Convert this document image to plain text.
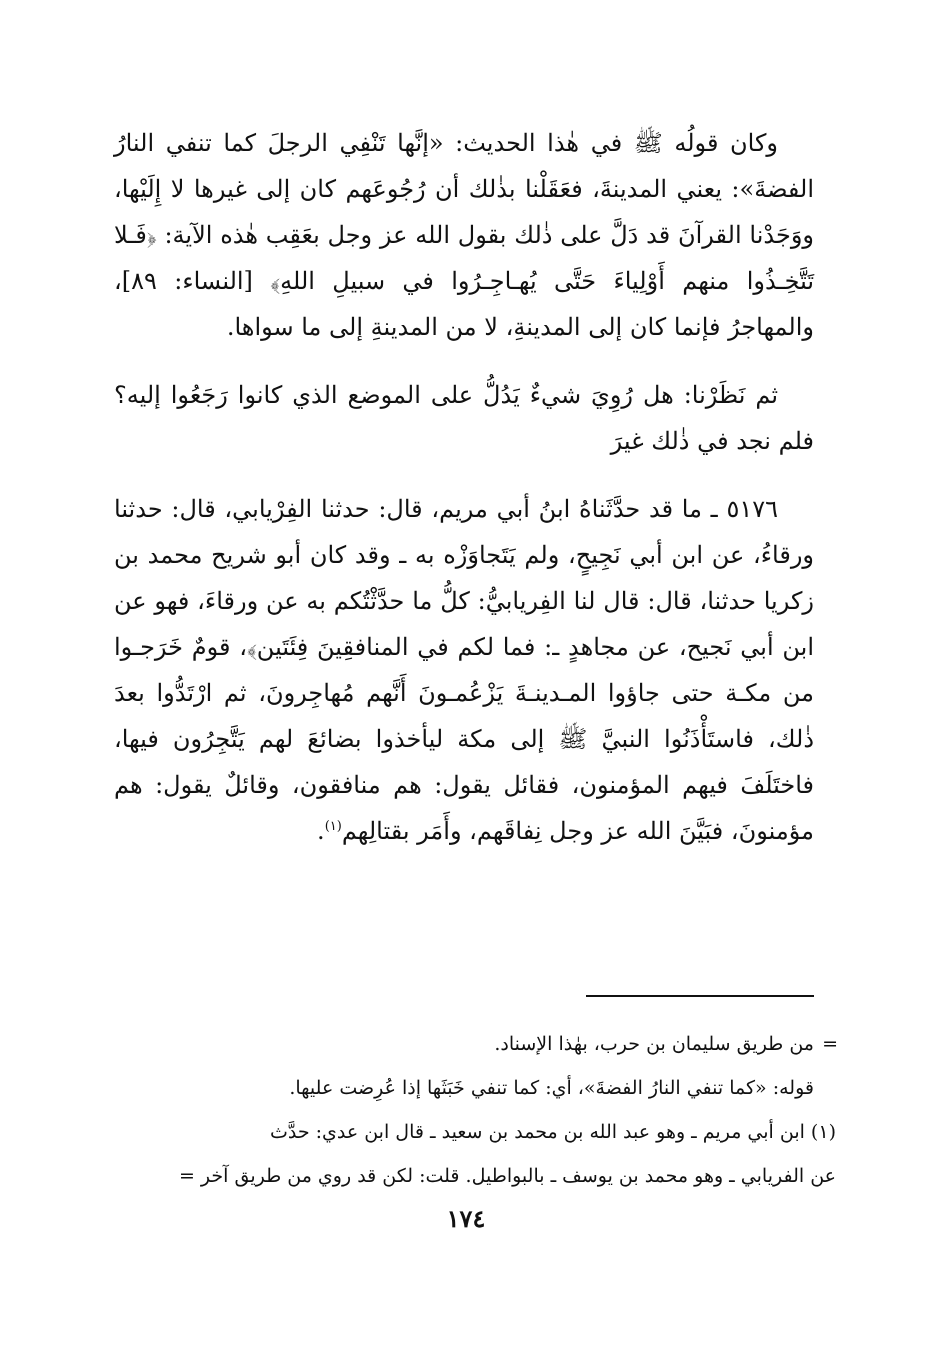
وكان قولُه ﷺ في هٰذا الحديث: «إنَّها تَنْفِي الرجلَ كما تنفي النارُ الفضةَ»: يعني المدينةَ، فعَقَلْنا بذٰلك أن رُجُوعَهم كان إلى غيرها لا إِلَيْها، ووَجَدْنا القرآنَ قد دَلَّ على ذٰلك بقول الله عز وجل بعَقِب هٰذه الآية: ﴿فَـلا تَتَّخِـذُوا منهم أَوْلِياءَ حَتَّى يُهـاجِـرُوا في سبيلِ اللهِ﴾ [النساء: ٨٩]، والمهاجرُ فإنما كان إلى المدينةِ، لا من المدينةِ إلى ما سواها.

ثم نَظَرْنا: هل رُوِيَ شيءٌ يَدُلُّ على الموضع الذي كانوا رَجَعُوا إليه؟ فلم نجد في ذٰلك غيرَ

٥١٧٦ ـ ما قد حدَّثَناهُ ابنُ أبي مريم، قال: حدثنا الفِرْيابي، قال: حدثنا ورقاءُ، عن ابن أبي نَجِيحٍ، ولم يَتَجاوَزْه به ـ وقد كان أبو شريح محمد بن زكريا حدثنا، قال: قال لنا الفِريابيُّ: كلُّ ما حدَّثْتُكم به عن ورقاءَ، فهو عن ابن أبي نَجيح، عن مجاهدٍ ـ: فما لكم في المنافقِينَ فِئَتَين﴾، قومٌ خَرَجـوا من مكـة حتى جاؤوا المـدينـةَ يَزْعُمـونَ أَنَّهم مُهاجِرونَ، ثم ارْتَدُّوا بعدَ ذٰلك، فاستَأْذَنُوا النبيَّ ﷺ إلى مكة ليأخذوا بضائعَ لهم يَتَّجِرُون فيها، فاختَلَفَ فيهم المؤمنون، فقائل يقول: هم منافقون، وقائلٌ يقول: هم مؤمنونَ، فبَيَّنَ الله عز وجل نِفاقَهم، وأَمَر بقتالِهم$^{(١)}$.

=
من طريق سليمان بن حرب، بهٰذا الإسناد.

قوله: «كما تنفي النارُ الفضةَ»، أي: كما تنفي خَبَثَها إذا عُرِضت عليها.

(١) ابن أبي مريم ـ وهو عبد الله بن محمد بن سعيد ـ قال ابن عدي: حدَّث

عن الفريابي ـ وهو محمد بن يوسف ـ بالبواطيل. قلت: لكن قد روي من طريق آخر =

١٧٤
